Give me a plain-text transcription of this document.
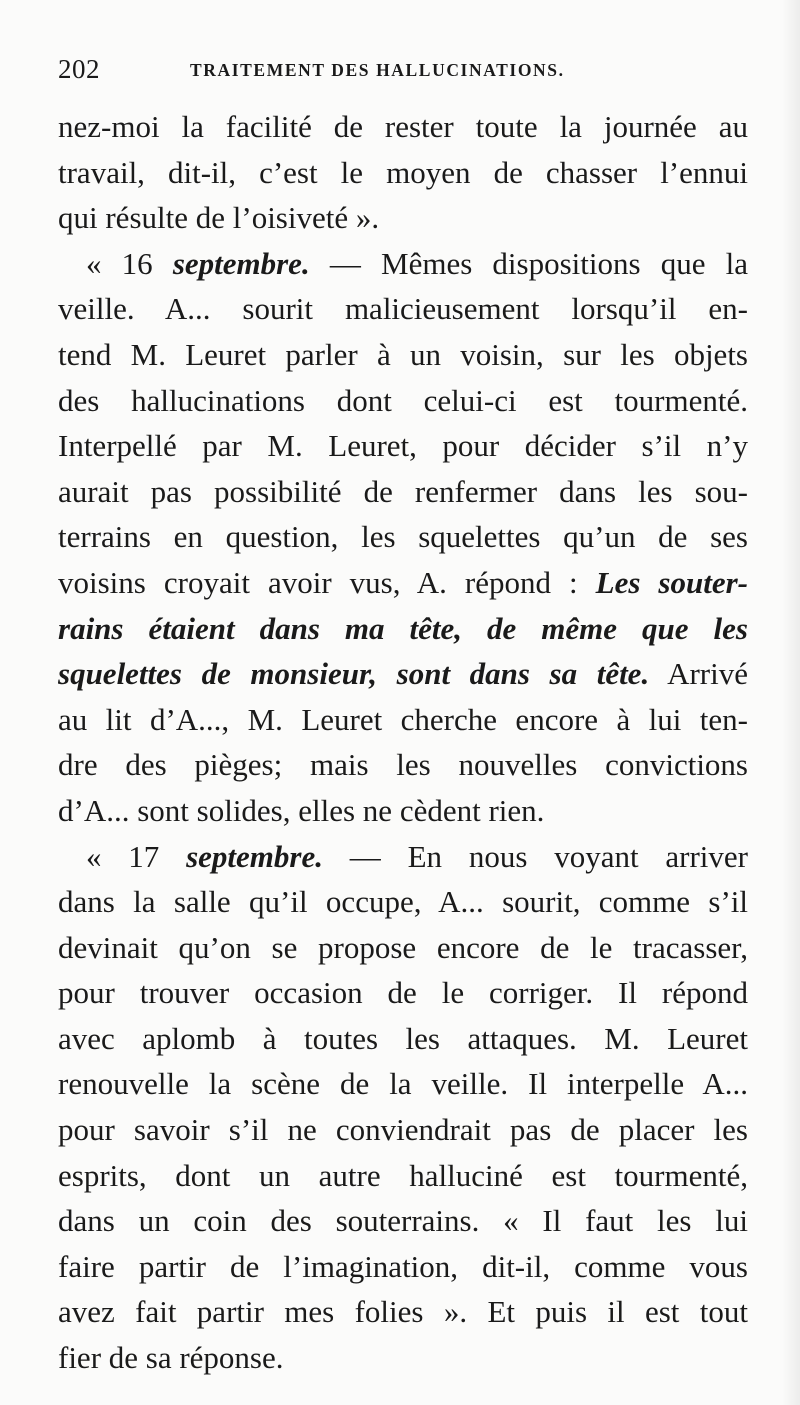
202	TRAITEMENT DES HALLUCINATIONS.
nez-moi la facilité de rester toute la journée au
travail, dit-il, c’est le moyen de chasser l’ennui
qui résulte de l’oisiveté ».
« 16 septembre. — Mêmes dispositions que la
veille. A... sourit malicieusement lorsqu’il en-
tend M. Leuret parler à un voisin, sur les objets
des hallucinations dont celui-ci est tourmenté.
Interpellé par M. Leuret, pour décider s’il n’y
aurait pas possibilité de renfermer dans les sou-
terrains en question, les squelettes qu’un de ses
voisins croyait avoir vus, A. répond : Les souter-
rains étaient dans ma tête, de même que les
squelettes de monsieur, sont dans sa tête. Arrivé
au lit d’A..., M. Leuret cherche encore à lui ten-
dre des pièges; mais les nouvelles convictions
d’A... sont solides, elles ne cèdent rien.
« 17 septembre. — En nous voyant arriver
dans la salle qu’il occupe, A... sourit, comme s’il
devinait qu’on se propose encore de le tracasser,
pour trouver occasion de le corriger. Il répond
avec aplomb à toutes les attaques. M. Leuret
renouvelle la scène de la veille. Il interpelle A...
pour savoir s’il ne conviendrait pas de placer les
esprits, dont un autre halluciné est tourmenté,
dans un coin des souterrains. « Il faut les lui
faire partir de l’imagination, dit-il, comme vous
avez fait partir mes folies ». Et puis il est tout
fier de sa réponse.
